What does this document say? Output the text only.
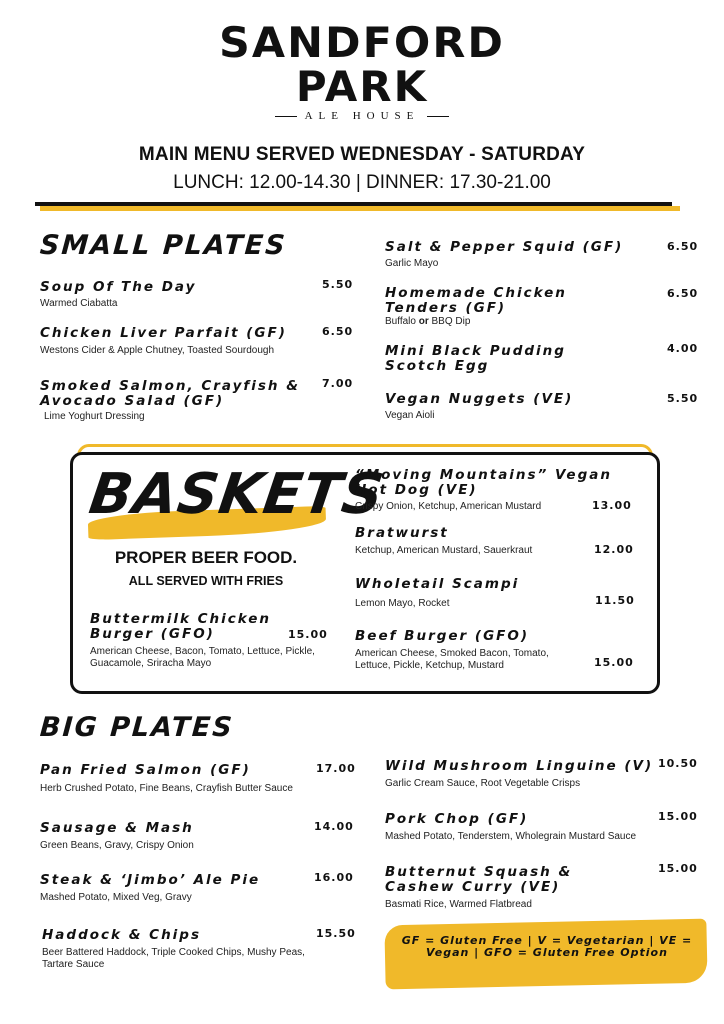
SANDFORD
PARK
ALE HOUSE
MAIN MENU SERVED WEDNESDAY - SATURDAY
LUNCH: 12.00-14.30 | DINNER: 17.30-21.00
SMALL PLATES
Soup Of The Day
Warmed Ciabatta
5.50
Chicken Liver Parfait (GF)
Westons Cider & Apple Chutney, Toasted Sourdough
6.50
Smoked Salmon, Crayfish & Avocado Salad (GF)
Lime Yoghurt Dressing
7.00
Salt & Pepper Squid (GF)
Garlic Mayo
6.50
Homemade Chicken Tenders (GF)
Buffalo or BBQ Dip
6.50
Mini Black Pudding Scotch Egg
4.00
Vegan Nuggets (VE)
Vegan Aioli
5.50
BASKETS
PROPER BEER FOOD.
ALL SERVED WITH FRIES
Buttermilk Chicken Burger (GFO)	15.00
American Cheese, Bacon, Tomato, Lettuce, Pickle, Guacamole, Sriracha Mayo
“Moving Mountains” Vegan Hot Dog (VE)
Crispy Onion, Ketchup, American Mustard	13.00
Bratwurst
Ketchup, American Mustard, Sauerkraut	12.00
Wholetail Scampi
Lemon Mayo, Rocket	11.50
Beef Burger (GFO)
American Cheese, Smoked Bacon, Tomato, Lettuce, Pickle, Ketchup, Mustard	15.00
BIG PLATES
Pan Fried Salmon (GF)
Herb Crushed Potato, Fine Beans, Crayfish Butter Sauce
17.00
Sausage & Mash
Green Beans, Gravy, Crispy Onion
14.00
Steak & ‘Jimbo’ Ale Pie
Mashed Potato, Mixed Veg, Gravy
16.00
Haddock & Chips
Beer Battered Haddock, Triple Cooked Chips, Mushy Peas, Tartare Sauce
15.50
Wild Mushroom Linguine (V)
Garlic Cream Sauce, Root Vegetable Crisps
10.50
Pork Chop (GF)
Mashed Potato, Tenderstem, Wholegrain Mustard Sauce
15.00
Butternut Squash & Cashew Curry (VE)
Basmati Rice, Warmed Flatbread
15.00
GF = Gluten Free | V = Vegetarian | VE = Vegan | GFO = Gluten Free Option
